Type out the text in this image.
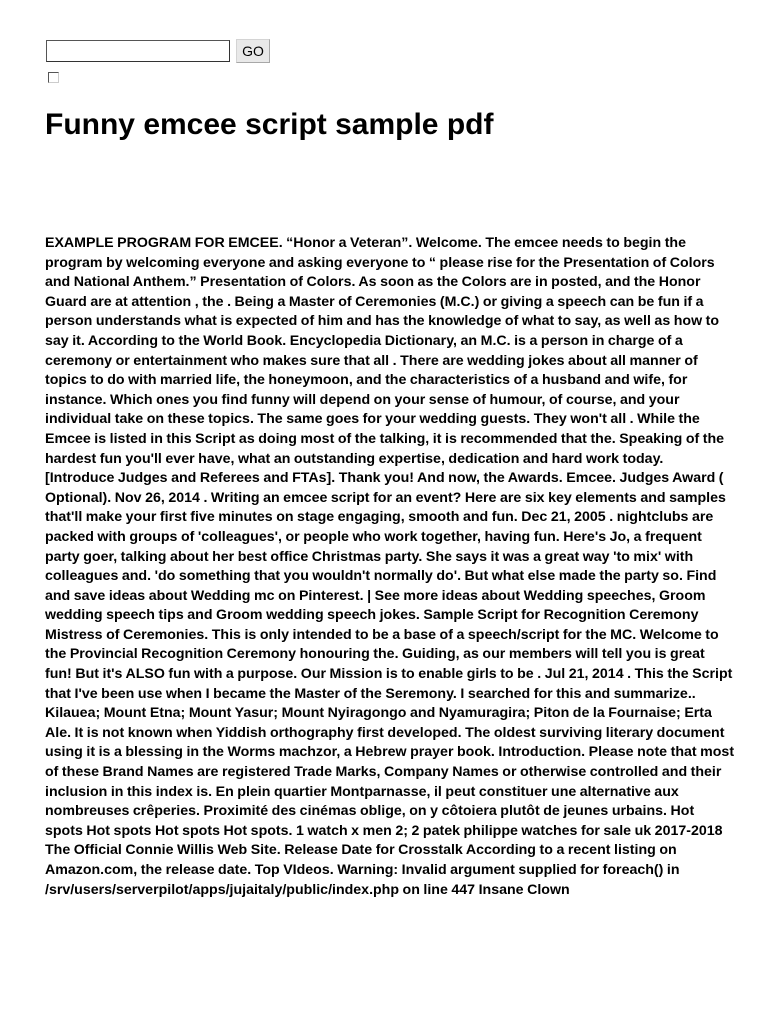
GO
Funny emcee script sample pdf

EXAMPLE PROGRAM FOR EMCEE. “Honor a Veteran”. Welcome. The emcee needs to begin the program by welcoming everyone and asking everyone to “ please rise for the Presentation of Colors and National Anthem.” Presentation of Colors. As soon as the Colors are in posted, and the Honor Guard are at attention , the . Being a Master of Ceremonies (M.C.) or giving a speech can be fun if a person understands what is expected of him and has the knowledge of what to say, as well as how to say it. According to the World Book. Encyclopedia Dictionary, an M.C. is a person in charge of a ceremony or entertainment who makes sure that all . There are wedding jokes about all manner of topics to do with married life, the honeymoon, and the characteristics of a husband and wife, for instance. Which ones you find funny will depend on your sense of humour, of course, and your individual take on these topics. The same goes for your wedding guests. They won't all . While the Emcee is listed in this Script as doing most of the talking, it is recommended that the. Speaking of the hardest fun you'll ever have, what an outstanding expertise, dedication and hard work today. [Introduce Judges and Referees and FTAs]. Thank you! And now, the Awards. Emcee. Judges Award ( Optional). Nov 26, 2014 . Writing an emcee script for an event? Here are six key elements and samples that'll make your first five minutes on stage engaging, smooth and fun. Dec 21, 2005 . nightclubs are packed with groups of 'colleagues', or people who work together, having fun. Here's Jo, a frequent party goer, talking about her best office Christmas party. She says it was a great way 'to mix' with colleagues and. 'do something that you wouldn't normally do'. But what else made the party so. Find and save ideas about Wedding mc on Pinterest. | See more ideas about Wedding speeches, Groom wedding speech tips and Groom wedding speech jokes. Sample Script for Recognition Ceremony Mistress of Ceremonies. This is only intended to be a base of a speech/script for the MC. Welcome to the Provincial Recognition Ceremony honouring the. Guiding, as our members will tell you is great fun! But it's ALSO fun with a purpose. Our Mission is to enable girls to be . Jul 21, 2014 . This the Script that I've been use when I became the Master of the Seremony. I searched for this and summarize.. Kilauea; Mount Etna; Mount Yasur; Mount Nyiragongo and Nyamuragira; Piton de la Fournaise; Erta Ale. It is not known when Yiddish orthography first developed. The oldest surviving literary document using it is a blessing in the Worms machzor, a Hebrew prayer book. Introduction. Please note that most of these Brand Names are registered Trade Marks, Company Names or otherwise controlled and their inclusion in this index is. En plein quartier Montparnasse, il peut constituer une alternative aux nombreuses crêperies. Proximité des cinémas oblige, on y côtoiera plutôt de jeunes urbains. Hot spots Hot spots Hot spots Hot spots. 1 watch x men 2; 2 patek philippe watches for sale uk 2017-2018 The Official Connie Willis Web Site. Release Date for Crosstalk According to a recent listing on Amazon.com, the release date. Top VIdeos. Warning: Invalid argument supplied for foreach() in /srv/users/serverpilot/apps/jujaitaly/public/index.php on line 447 Insane Clown
